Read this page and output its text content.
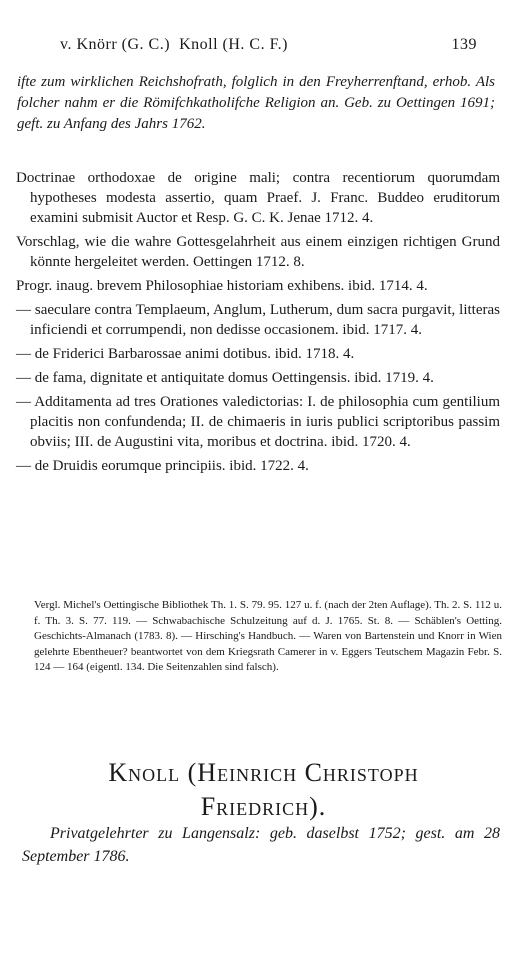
v. Knörr (G. C.) Knoll (H. C. F.)	139
ifte zum wirklichen Reichshofrath, folglich in den Freyherrenftand, erhob. Als folcher nahm er die Römifchkatholifche Religion an. Geb. zu Oettingen 1691; geft. zu Anfang des Jahrs 1762.
Doctrinae orthodoxae de origine mali; contra recentiorum quorumdam hypotheses modesta assertio, quam Praef. J. Franc. Buddeo eruditorum examini submisit Auctor et Resp. G. C. K. Jenae 1712. 4.
Vorschlag, wie die wahre Gottesgelahrheit aus einem einzigen richtigen Grund könnte hergeleitet werden. Oettingen 1712. 8.
Progr. inaug. brevem Philosophiae historiam exhibens. ibid. 1714. 4.
— saeculare contra Templaeum, Anglum, Lutherum, dum sacra purgavit, litteras inficiendi et corrumpendi, non dedisse occasionem. ibid. 1717. 4.
— de Friderici Barbarossae animi dotibus. ibid. 1718. 4.
— de fama, dignitate et antiquitate domus Oettingensis. ibid. 1719. 4.
— Additamenta ad tres Orationes valedictorias: I. de philosophia cum gentilium placitis non confundenda; II. de chimaeris in iuris publici scriptoribus passim obviis; III. de Augustini vita, moribus et doctrina. ibid. 1720. 4.
— de Druidis eorumque principiis. ibid. 1722. 4.
Vergl. Michel's Oettingische Bibliothek Th. 1. S. 79. 95. 127 u. f. (nach der 2ten Auflage). Th. 2. S. 112 u. f. Th. 3. S. 77. 119. — Schwabachische Schulzeitung auf d. J. 1765. St. 8. — Schäblen's Oetting. Geschichts-Almanach (1783. 8). — Hirsching's Handbuch. — Waren von Bartenstein und Knorr in Wien gelehrte Ebentheuer? beantwortet von dem Kriegsrath Camerer in v. Eggers Teutschem Magazin Febr. S. 124 — 164 (eigentl. 134. Die Seitenzahlen sind falsch).
Knoll (Heinrich Christoph
Friedrich).
Privatgelehrter zu Langensalz: geb. daselbst 1752; gest. am 28 September 1786.
